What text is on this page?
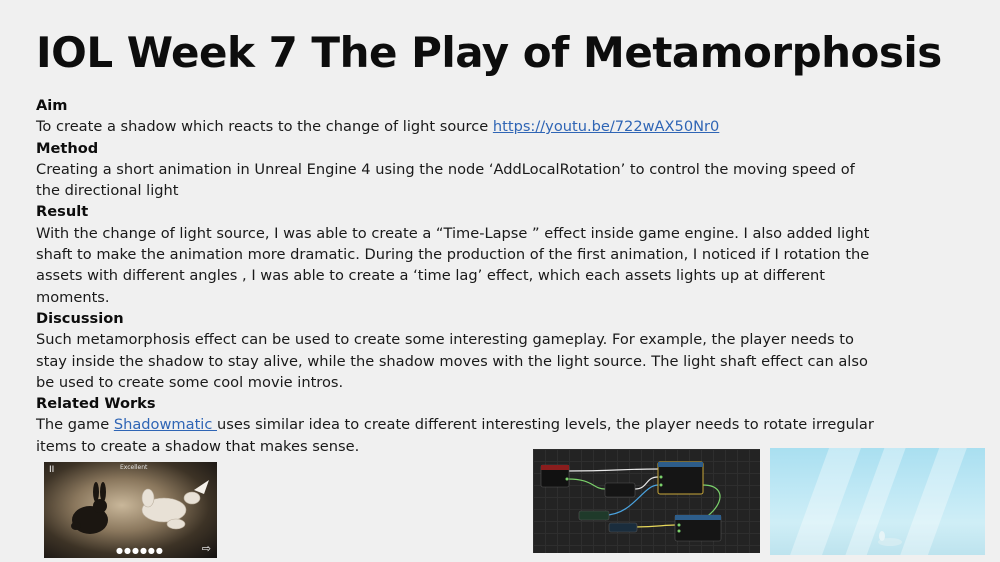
IOL Week 7 The Play of Metamorphosis

Aim

To create a shadow which reacts to the change of light source https://youtu.be/722wAX50Nr0

Method

Creating a short animation in Unreal Engine 4 using the node ‘AddLocalRotation’ to control the moving speed of the directional light

Result

With the change of light source, I was able to create a “Time-Lapse ” effect inside game engine. I also added light shaft to make the animation more dramatic. During the production of the first animation, I noticed if I rotation the assets with different angles , I was able to create a ‘time lag’ effect, which each assets lights up at different moments.

Discussion

Such metamorphosis effect can be used to create some interesting gameplay. For example, the player needs to stay inside the shadow to stay alive, while the shadow moves with the light source. The light shaft effect can also be used to create some cool movie intros.

Related Works

The game Shadowmatic uses similar idea to create different interesting levels, the player needs to rotate irregular items to create a shadow that makes sense.

II	Excellent
●●●●●●	⇨
